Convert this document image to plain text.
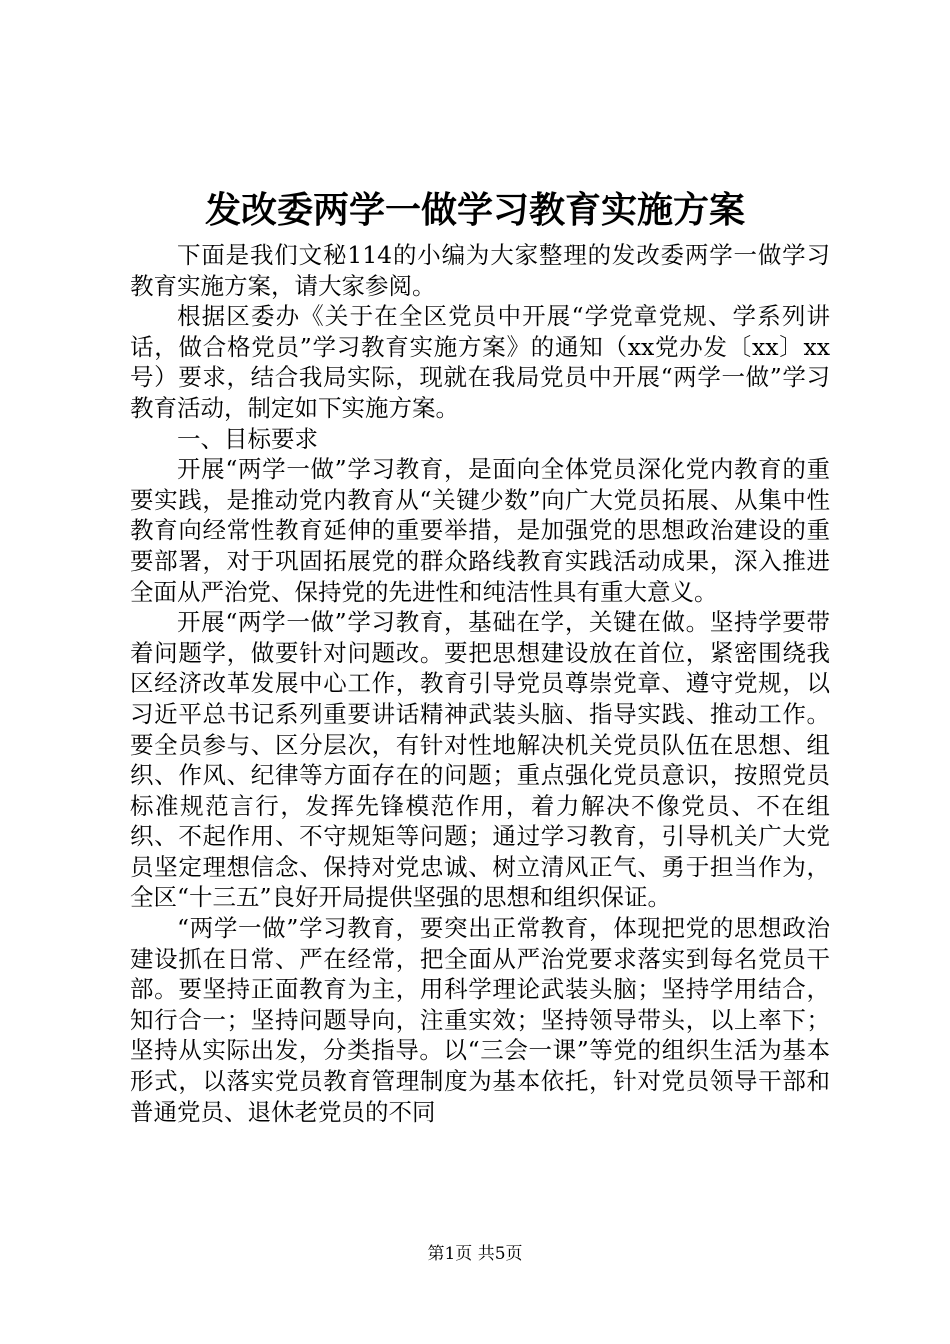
发改委两学一做学习教育实施方案

下面是我们文秘114的小编为大家整理的发改委两学一做学习教育实施方案，请大家参阅。

根据区委办《关于在全区党员中开展“学党章党规、学系列讲话，做合格党员”学习教育实施方案》的通知（xx党办发〔xx〕xx号）要求，结合我局实际，现就在我局党员中开展“两学一做”学习教育活动，制定如下实施方案。

一、目标要求

开展“两学一做”学习教育，是面向全体党员深化党内教育的重要实践，是推动党内教育从“关键少数”向广大党员拓展、从集中性教育向经常性教育延伸的重要举措，是加强党的思想政治建设的重要部署，对于巩固拓展党的群众路线教育实践活动成果，深入推进全面从严治党、保持党的先进性和纯洁性具有重大意义。

开展“两学一做”学习教育，基础在学，关键在做。坚持学要带着问题学，做要针对问题改。要把思想建设放在首位，紧密围绕我区经济改革发展中心工作，教育引导党员尊崇党章、遵守党规，以习近平总书记系列重要讲话精神武装头脑、指导实践、推动工作。要全员参与、区分层次，有针对性地解决机关党员队伍在思想、组织、作风、纪律等方面存在的问题；重点强化党员意识，按照党员标准规范言行，发挥先锋模范作用，着力解决不像党员、不在组织、不起作用、不守规矩等问题；通过学习教育，引导机关广大党员坚定理想信念、保持对党忠诚、树立清风正气、勇于担当作为，全区“十三五”良好开局提供坚强的思想和组织保证。

“两学一做”学习教育，要突出正常教育，体现把党的思想政治建设抓在日常、严在经常，把全面从严治党要求落实到每名党员干部。要坚持正面教育为主，用科学理论武装头脑；坚持学用结合，知行合一；坚持问题导向，注重实效；坚持领导带头，以上率下；坚持从实际出发，分类指导。以“三会一课”等党的组织生活为基本形式，以落实党员教育管理制度为基本依托，针对党员领导干部和普通党员、退休老党员的不同

第1页 共5页
